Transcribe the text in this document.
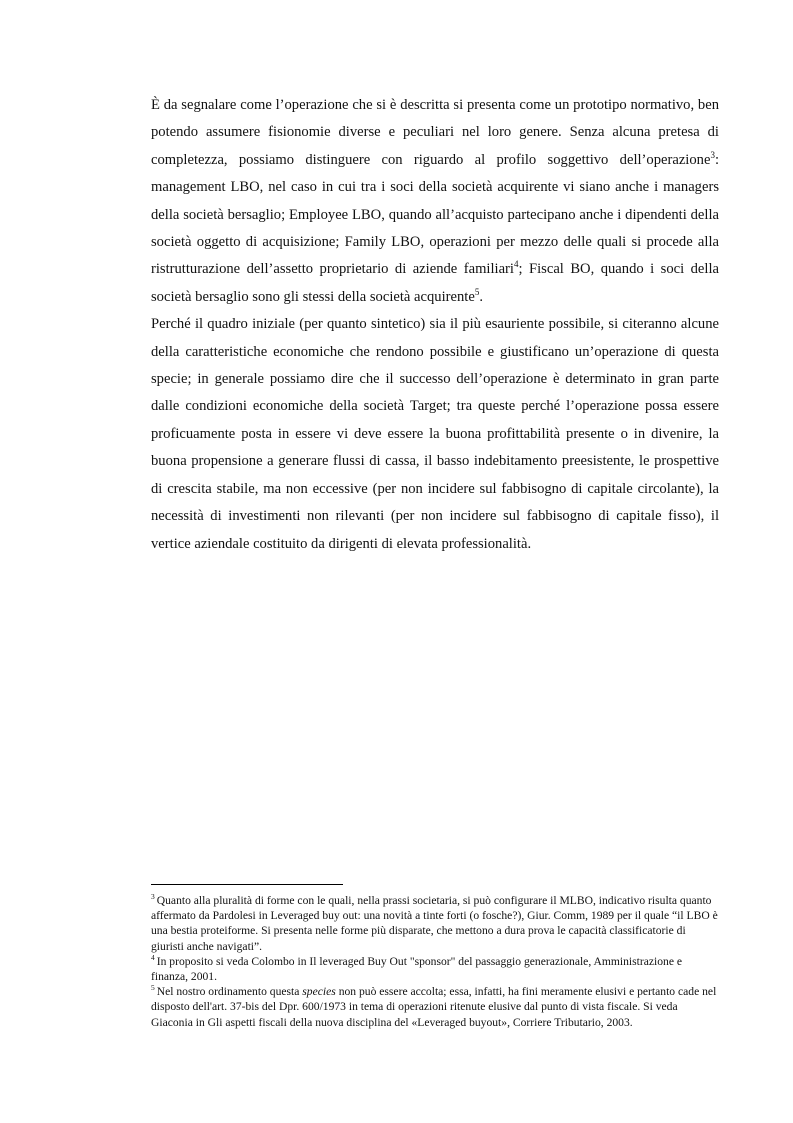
È da segnalare come l’operazione che si è descritta si presenta come un prototipo normativo, ben potendo assumere fisionomie diverse e peculiari nel loro genere. Senza alcuna pretesa di completezza, possiamo distinguere con riguardo al profilo soggettivo dell’operazione$^3$: management LBO, nel caso in cui tra i soci della società acquirente vi siano anche i managers della società bersaglio; Employee LBO, quando all’acquisto partecipano anche i dipendenti della società oggetto di acquisizione; Family LBO, operazioni per mezzo delle quali si procede alla ristrutturazione dell’assetto proprietario di aziende familiari$^4$; Fiscal BO, quando i soci della società bersaglio sono gli stessi della società acquirente$^5$.

Perché il quadro iniziale (per quanto sintetico) sia il più esauriente possibile, si citeranno alcune della caratteristiche economiche che rendono possibile e giustificano un’operazione di questa specie; in generale possiamo dire che il successo dell’operazione è determinato in gran parte dalle condizioni economiche della società Target; tra queste perché l’operazione possa essere proficuamente posta in essere vi deve essere la buona profittabilità presente o in divenire, la buona propensione a generare flussi di cassa, il basso indebitamento preesistente, le prospettive di crescita stabile, ma non eccessive (per non incidere sul fabbisogno di capitale circolante), la necessità di investimenti non rilevanti (per non incidere sul fabbisogno di capitale fisso), il vertice aziendale costituito da dirigenti di elevata professionalità.

$^3$ Quanto alla pluralità di forme con le quali, nella prassi societaria, si può configurare il MLBO, indicativo risulta quanto affermato da Pardolesi in Leveraged buy out: una novità a tinte forti (o fosche?), Giur. Comm, 1989 per il quale “il LBO è una bestia proteiforme. Si presenta nelle forme più disparate, che mettono a dura prova le capacità classificatorie di giuristi anche navigati”.

$^4$ In proposito si veda Colombo in Il leveraged Buy Out "sponsor" del passaggio generazionale, Amministrazione e finanza, 2001.

$^5$ Nel nostro ordinamento questa species non può essere accolta; essa, infatti, ha fini meramente elusivi e pertanto cade nel disposto dell'art. 37-bis del Dpr. 600/1973 in tema di operazioni ritenute elusive dal punto di vista fiscale. Si veda Giaconia in Gli aspetti fiscali della nuova disciplina del «Leveraged buyout», Corriere Tributario, 2003.
